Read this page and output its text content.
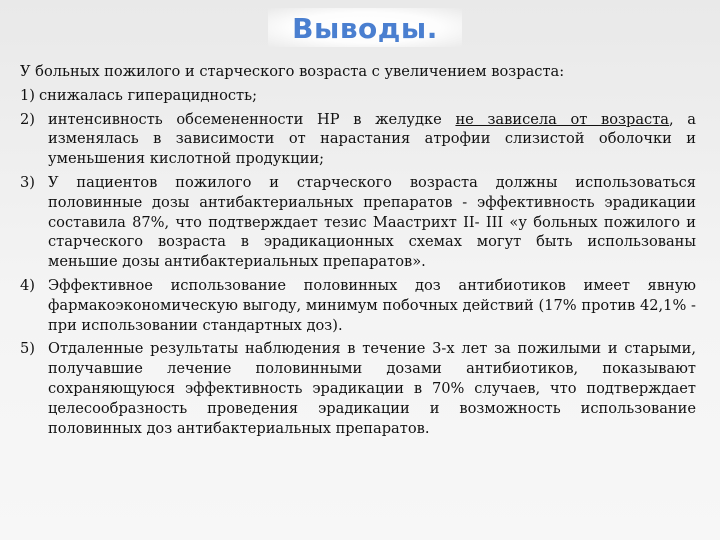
Выводы.
У больных пожилого и старческого возраста с увеличением возраста:
1) снижалась гиперацидность;
2) интенсивность обсемененности НР в желудке не зависела от возраста, а изменялась в зависимости от нарастания атрофии слизистой оболочки и уменьшения кислотной продукции;
3) У пациентов пожилого и старческого возраста должны использоваться половинные дозы антибактериальных препаратов - эффективность эрадикации составила 87%, что подтверждает тезис Маастрихт II- III «у больных пожилого и старческого возраста в эрадикационных схемах могут быть использованы меньшие дозы антибактериальных препаратов».
4) Эффективное использование половинных доз антибиотиков имеет явную фармакоэкономическую выгоду, минимум побочных действий (17% против 42,1% - при использовании стандартных доз).
5) Отдаленные результаты наблюдения в течение 3-х лет за пожилыми и старыми, получавшие лечение половинными дозами антибиотиков, показывают сохраняющуюся эффективность эрадикации в 70% случаев, что подтверждает целесообразность проведения эрадикации и возможность использование половинных доз антибактериальных препаратов.
